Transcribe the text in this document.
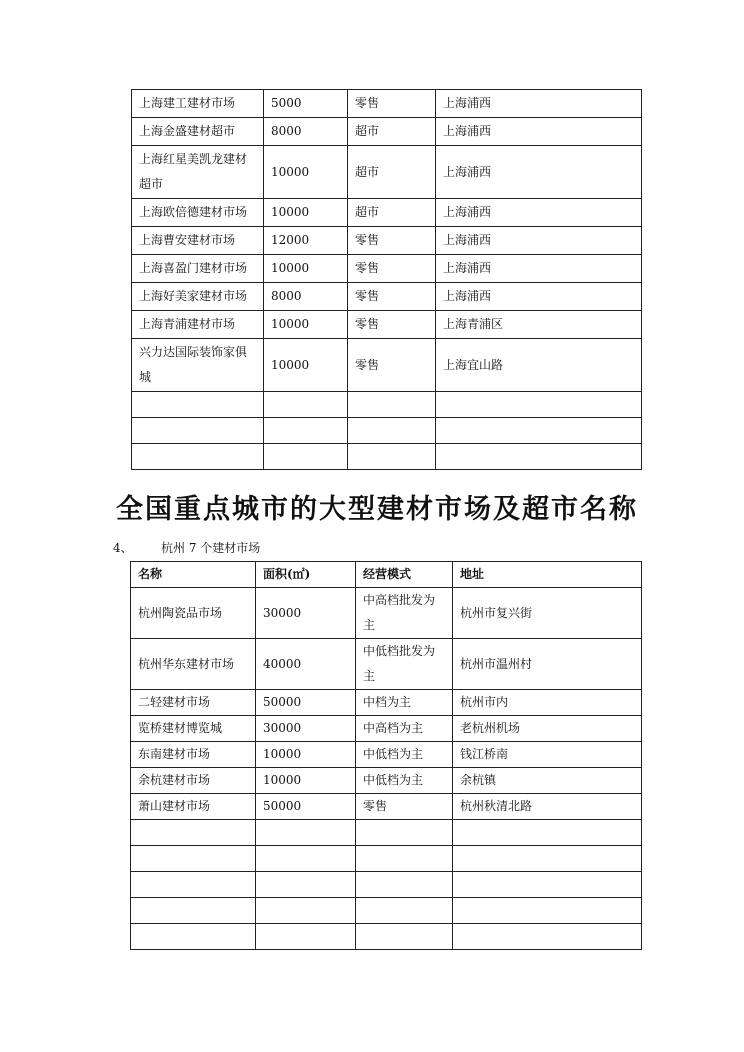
上海建工建材市场	5000	零售	上海浦西
上海金盛建材超市	8000	超市	上海浦西
上海红星美凯龙建材超市	10000	超市	上海浦西
上海欧倍德建材市场	10000	超市	上海浦西
上海曹安建材市场	12000	零售	上海浦西
上海喜盈门建材市场	10000	零售	上海浦西
上海好美家建材市场	8000	零售	上海浦西
上海青浦建材市场	10000	零售	上海青浦区
兴力达国际装饰家俱城	10000	零售	上海宜山路

全国重点城市的大型建材市场及超市名称
4、 杭州 7 个建材市场
名称	面积(㎡)	经营模式	地址
杭州陶瓷品市场	30000	中高档批发为主	杭州市复兴街
杭州华东建材市场	40000	中低档批发为主	杭州市温州村
二轻建材市场	50000	中档为主	杭州市内
览桥建材博览城	30000	中高档为主	老杭州机场
东南建材市场	10000	中低档为主	钱江桥南
余杭建材市场	10000	中低档为主	余杭镇
萧山建材市场	50000	零售	杭州秋清北路
